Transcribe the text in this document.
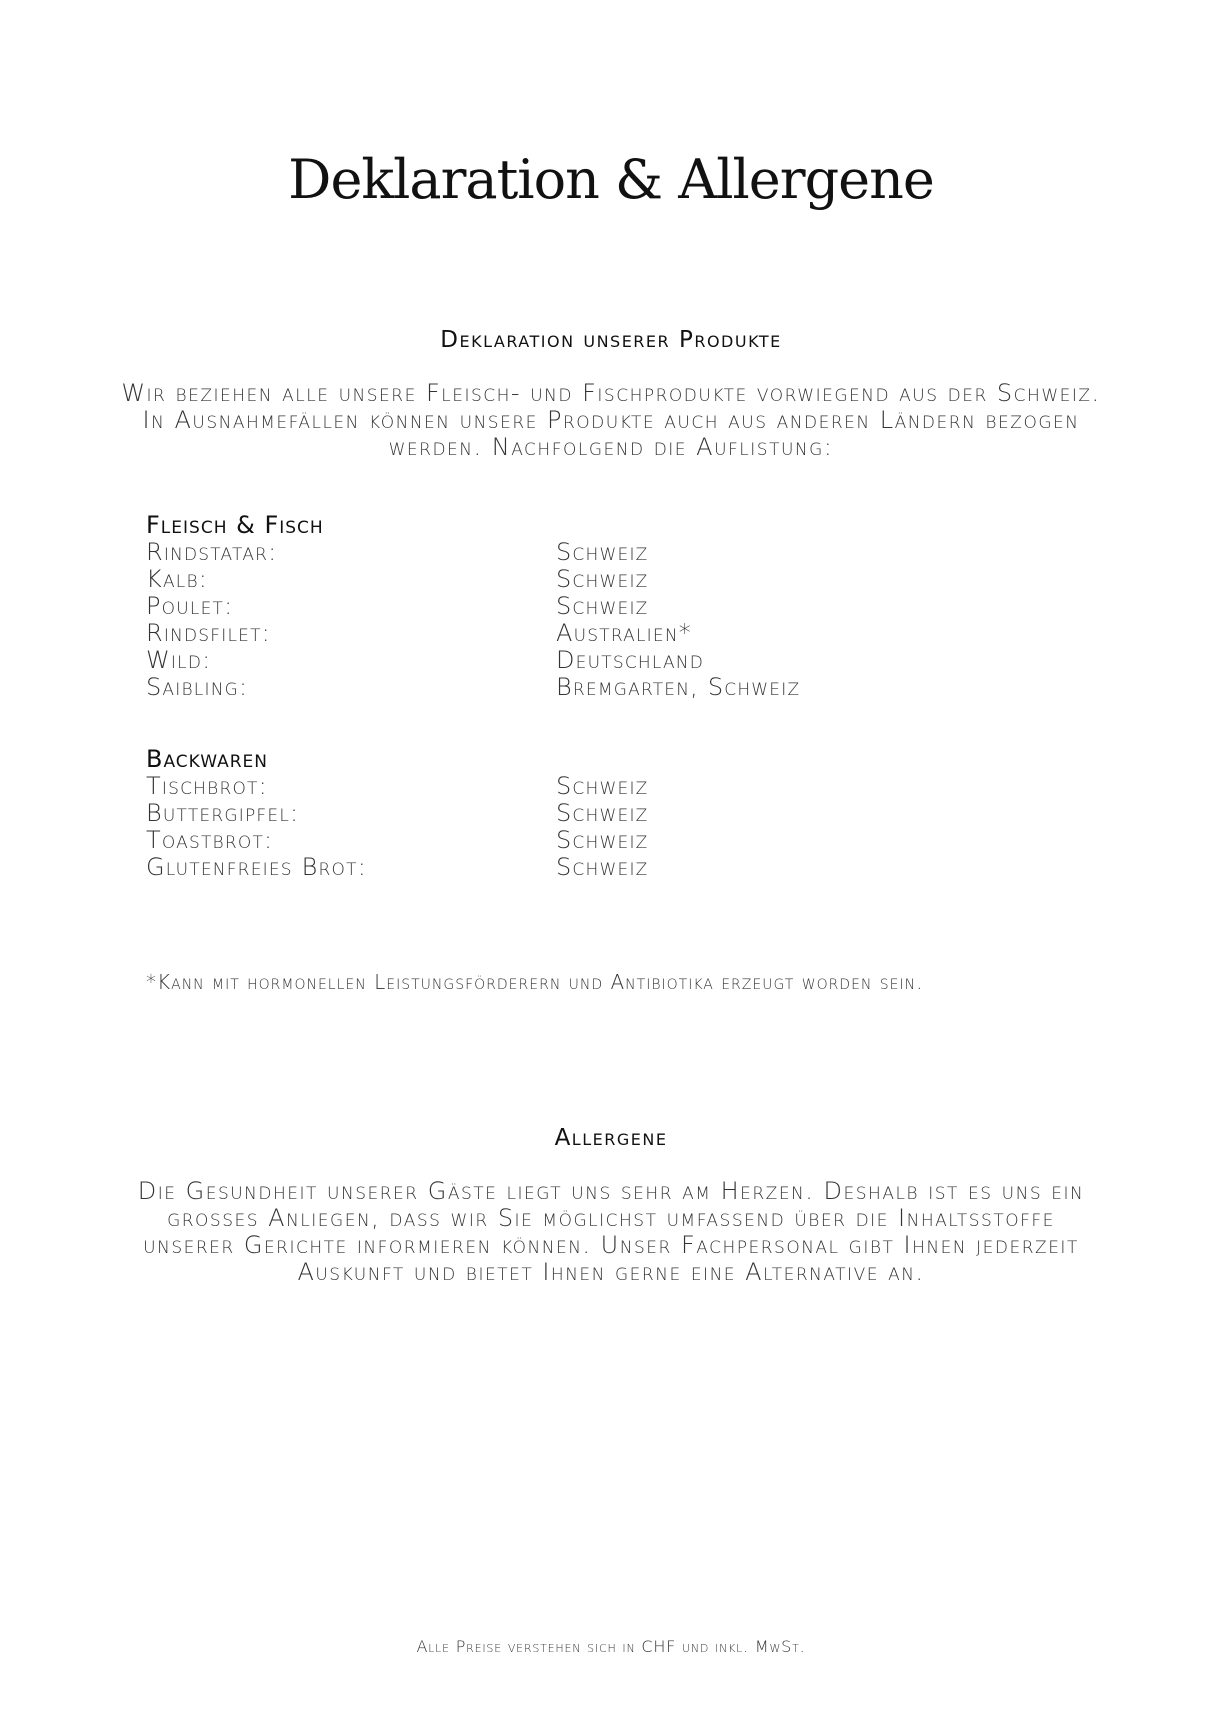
Deklaration & Allergene
Deklaration unserer Produkte
Wir beziehen alle unsere Fleisch- und Fischprodukte vorwiegend aus der Schweiz. In Ausnahmefällen können unsere Produkte auch aus anderen Ländern bezogen werden. Nachfolgend die Auflistung:
Fleisch & Fisch
Rindstatar:	Schweiz
Kalb:	Schweiz
Poulet:	Schweiz
Rindsfilet:	Australien*
Wild:	Deutschland
Saibling:	Bremgarten, Schweiz
Backwaren
Tischbrot:	Schweiz
Buttergipfel:	Schweiz
Toastbrot:	Schweiz
Glutenfreies Brot:	Schweiz
*Kann mit hormonellen Leistungsförderern und Antibiotika erzeugt worden sein.
Allergene
Die Gesundheit unserer Gäste liegt uns sehr am Herzen. Deshalb ist es uns ein grosses Anliegen, dass wir Sie möglichst umfassend über die Inhaltsstoffe unserer Gerichte informieren können. Unser Fachpersonal gibt Ihnen jederzeit Auskunft und bietet Ihnen gerne eine Alternative an.
Alle Preise verstehen sich in CHF und inkl. MwSt.
